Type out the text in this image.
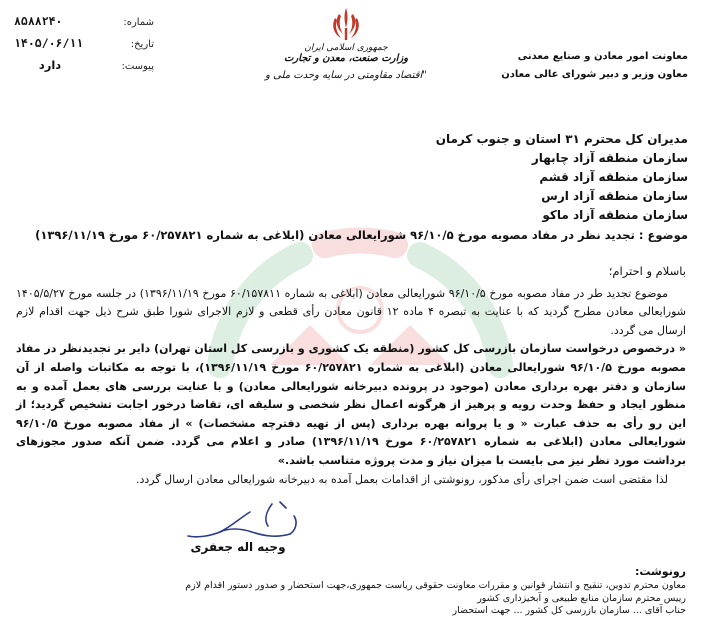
۸۵۸۸۲۴۰	شماره:
۱۴۰۵/۰۶/۱۱	تاریخ:
دارد	پیوست:
جمهوری اسلامی ایران
وزارت صنعت، معدن و تجارت
"اقتصاد مقاومتی در سایه وحدت ملی و
معاونت امور معادن و صنایع معدنی
معاون وزیر و دبیر شورای عالی معادن
مدیران کل محترم ۳۱ استان و جنوب کرمان
سازمان منطقه آزاد چابهار
سازمان منطقه آزاد قشم
سازمان منطقه آزاد ارس
سازمان منطقه آزاد ماکو
موضوع : تجدید نظر در مفاد مصوبه مورخ ۹۶/۱۰/۵ شورایعالی معادن (ابلاغی به شماره ۶۰/۲۵۷۸۲۱ مورخ ۱۳۹۶/۱۱/۱۹)
باسلام و احترام؛
موضوع تجدید طر در مفاد مصوبه مورخ ۹۶/۱۰/۵ شورایعالی معادن (ابلاغی به شماره ۶۰/۱۵۷۸۱۱ مورخ ۱۳۹۶/۱۱/۱۹) در جلسه مورخ ۱۴۰۵/۵/۲۷ شورایعالی معادن مطرح گردید که با عنایت به تبصره ۴ ماده ۱۲ قانون معادن رأی قطعی و لازم الاجرای شورا طبق شرح ذیل جهت اقدام لازم ارسال می گردد.
« درخصوص درخواست سازمان بازرسی کل کشور (منطقه یک کشوری و بازرسی کل استان تهران) دایر بر تجدیدنظر در مفاد مصوبه مورخ ۹۶/۱۰/۵ شورایعالی معادن (ابلاغی به شماره ۶۰/۲۵۷۸۲۱ مورخ ۱۳۹۶/۱۱/۱۹)، با توجه به مکاتبات واصله از آن سازمان و دفتر بهره برداری معادن (موجود در پرونده دبیرخانه شورایعالی معادن) و با عنایت بررسی های بعمل آمده و به منظور ایجاد و حفظ وحدت رویه و پرهیز از هرگونه اعمال نظر شخصی و سلیقه ای، تقاضا درخور اجابت تشخیص گردید؛ از این رو رأی به حذف عبارت « و یا پروانه بهره برداری (پس از تهیه دفترچه مشخصات) » از مفاد مصوبه مورخ ۹۶/۱۰/۵ شورایعالی معادن (ابلاغی به شماره ۶۰/۲۵۷۸۲۱ مورخ ۱۳۹۶/۱۱/۱۹) صادر و اعلام می گردد. ضمن آنکه صدور مجوزهای برداشت مورد نظر نیز می بایست با میزان نیاز و مدت پروژه متناسب باشد.»
لذا مقتضی است ضمن اجرای رأی مذکور، رونوشتی از اقدامات بعمل آمده به دبیرخانه شورایعالی معادن ارسال گردد.
وجیه اله جعفری
رونوشت:
معاون محترم تدوین، تنقیح و انتشار قوانین و مقررات معاونت حقوقی ریاست جمهوری،جهت استحضار و صدور دستور اقدام لازم
رییس محترم سازمان منابع طبیعی و آبخیزداری کشور
جناب آقای ... سازمان بازرسی کل کشور ... جهت استحضار
